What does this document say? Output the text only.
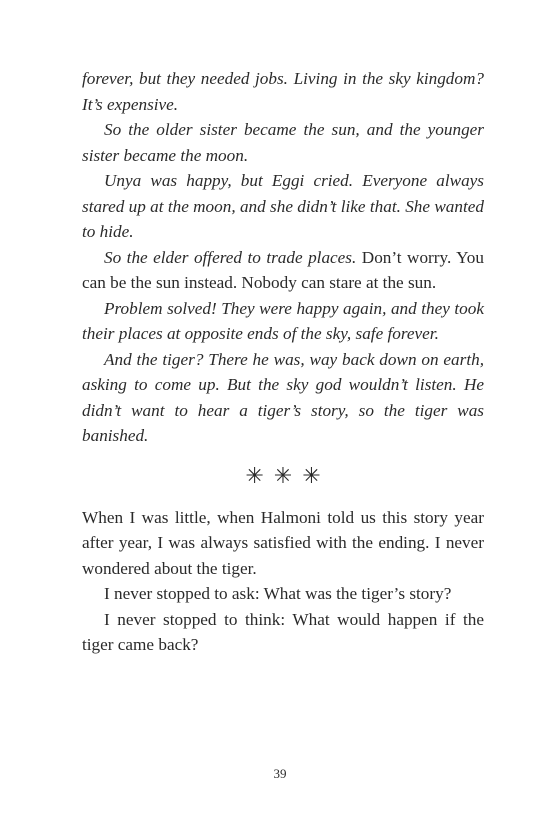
forever, but they needed jobs. Living in the sky kingdom? It’s expensive.

So the older sister became the sun, and the younger sister became the moon.

Unya was happy, but Eggi cried. Everyone always stared up at the moon, and she didn’t like that. She wanted to hide.

So the elder offered to trade places. Don’t worry. You can be the sun instead. Nobody can stare at the sun.

Problem solved! They were happy again, and they took their places at opposite ends of the sky, safe forever.

And the tiger? There he was, way back down on earth, asking to come up. But the sky god wouldn’t listen. He didn’t want to hear a tiger’s story, so the tiger was banished.

✳✳✳

When I was little, when Halmoni told us this story year after year, I was always satisfied with the ending. I never wondered about the tiger.

I never stopped to ask: What was the tiger’s story?

I never stopped to think: What would happen if the tiger came back?

39
